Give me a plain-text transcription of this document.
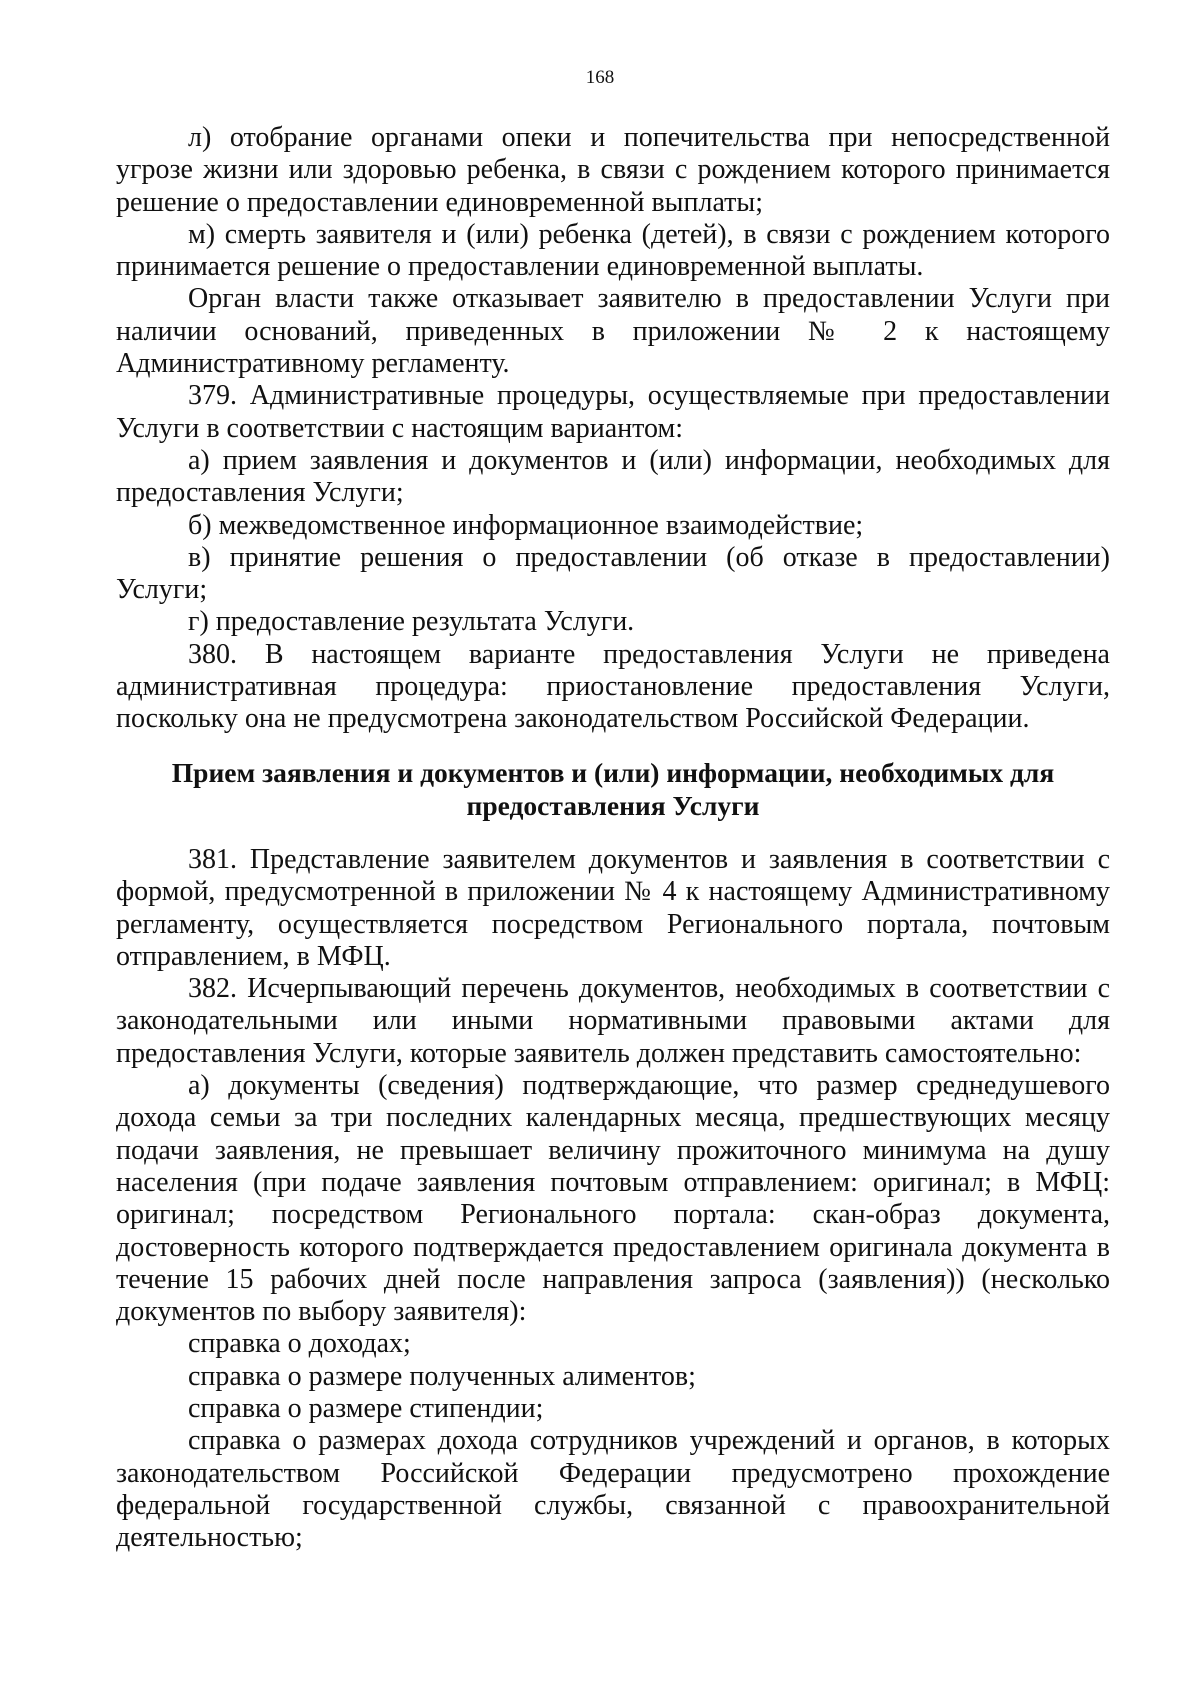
168

л) отобрание органами опеки и попечительства при непосредственной угрозе жизни или здоровью ребенка, в связи с рождением которого принимается решение о предоставлении единовременной выплаты;

м) смерть заявителя и (или) ребенка (детей), в связи с рождением которого принимается решение о предоставлении единовременной выплаты.

Орган власти также отказывает заявителю в предоставлении Услуги при наличии оснований, приведенных в приложении № 2 к настоящему Административному регламенту.

379. Административные процедуры, осуществляемые при предоставлении Услуги в соответствии с настоящим вариантом:

а) прием заявления и документов и (или) информации, необходимых для предоставления Услуги;

б) межведомственное информационное взаимодействие;

в) принятие решения о предоставлении (об отказе в предоставлении) Услуги;

г) предоставление результата Услуги.

380. В настоящем варианте предоставления Услуги не приведена административная процедура: приостановление предоставления Услуги, поскольку она не предусмотрена законодательством Российской Федерации.

Прием заявления и документов и (или) информации, необходимых для
предоставления Услуги

381. Представление заявителем документов и заявления в соответствии с формой, предусмотренной в приложении № 4 к настоящему Административному регламенту, осуществляется посредством Регионального портала, почтовым отправлением, в МФЦ.

382. Исчерпывающий перечень документов, необходимых в соответствии с законодательными или иными нормативными правовыми актами для предоставления Услуги, которые заявитель должен представить самостоятельно:

а) документы (сведения) подтверждающие, что размер среднедушевого дохода семьи за три последних календарных месяца, предшествующих месяцу подачи заявления, не превышает величину прожиточного минимума на душу населения (при подаче заявления почтовым отправлением: оригинал; в МФЦ: оригинал; посредством Регионального портала: скан-образ документа, достоверность которого подтверждается предоставлением оригинала документа в течение 15 рабочих дней после направления запроса (заявления)) (несколько документов по выбору заявителя):

справка о доходах;

справка о размере полученных алиментов;

справка о размере стипендии;

справка о размерах дохода сотрудников учреждений и органов, в которых законодательством Российской Федерации предусмотрено прохождение федеральной государственной службы, связанной с правоохранительной деятельностью;
